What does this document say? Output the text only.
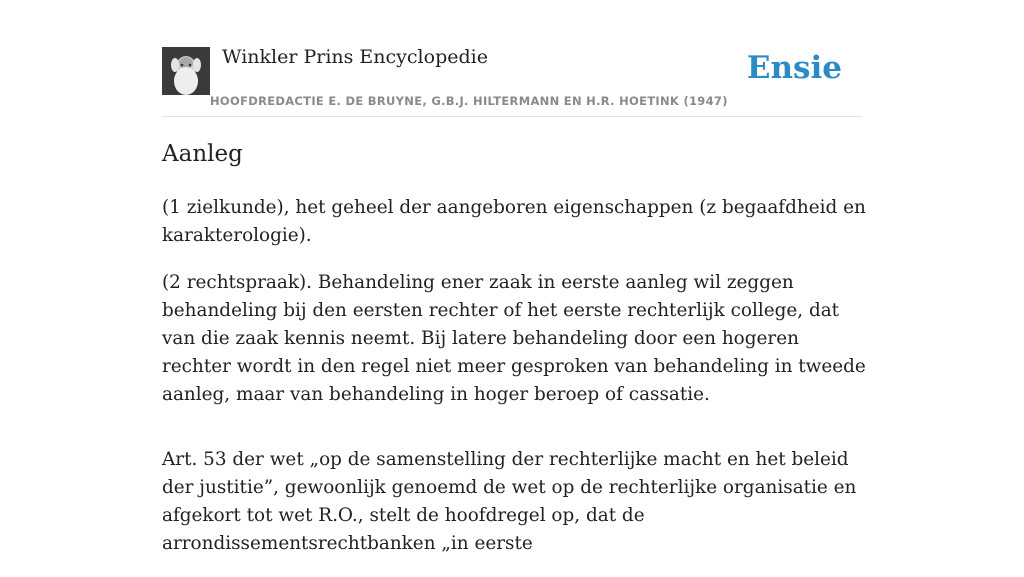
Winkler Prins Encyclopedie
HOOFDREDACTIE E. DE BRUYNE, G.B.J. HILTERMANN EN H.R. HOETINK (1947)
Ensie
Aanleg

(1 zielkunde), het geheel der aangeboren eigenschappen (z begaafdheid en karakterologie).

(2 rechtspraak). Behandeling ener zaak in eerste aanleg wil zeggen behandeling bij den eersten rechter of het eerste rechterlijk college, dat van die zaak kennis neemt. Bij latere behandeling door een hogeren rechter wordt in den regel niet meer gesproken van behandeling in tweede aanleg, maar van behandeling in hoger beroep of cassatie.

Art. 53 der wet „op de samenstelling der rechterlijke macht en het beleid der justitie”, gewoonlijk genoemd de wet op de rechterlijke organisatie en afgekort tot wet R.O., stelt de hoofdregel op, dat de arrondissementsrechtbanken „in eerste
